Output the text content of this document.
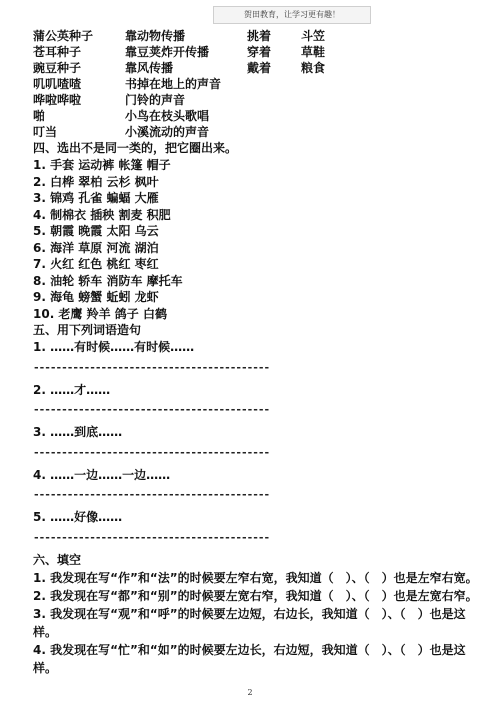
贺田教育，让学习更有趣！
蒲公英种子	靠动物传播	挑着 斗笠
苍耳种子	靠豆荚炸开传播	穿着 草鞋
豌豆种子	靠风传播	戴着 粮食
叽叽喳喳	书掉在地上的声音
哗啦哗啦	门铃的声音
啪	小鸟在枝头歌唱
叮当	小溪流动的声音
四、选出不是同一类的，把它圈出来。
1. 手套 运动裤 帐篷 帽子
2. 白桦 翠柏 云杉 枫叶
3. 锦鸡 孔雀 蝙蝠 大雁
4. 制棉衣 插秧 割麦 积肥
5. 朝霞 晚霞 太阳 乌云
6. 海洋 草原 河流 湖泊
7. 火红 红色 桃红 枣红
8. 油轮 轿车 消防车 摩托车
9. 海龟 螃蟹 蚯蚓 龙虾
10. 老鹰 羚羊 鸽子 白鹤
五、用下列词语造句
1. ……有时候……有时候……
------------------------------------------
2. ……才……
------------------------------------------
3. ……到底……
------------------------------------------
4. ……一边……一边……
------------------------------------------
5. ……好像……
------------------------------------------
六、填空
1. 我发现在写“作”和“法”的时候要左窄右宽，我知道（　）、（　）也是左窄右宽。
2. 我发现在写“都”和“别”的时候要左宽右窄，我知道（　）、（　）也是左宽右窄。
3. 我发现在写“观”和“呼”的时候要左边短，右边长，我知道（　）、（　）也是这样。
4. 我发现在写“忙”和“如”的时候要左边长，右边短，我知道（　）、（　）也是这样。
2
